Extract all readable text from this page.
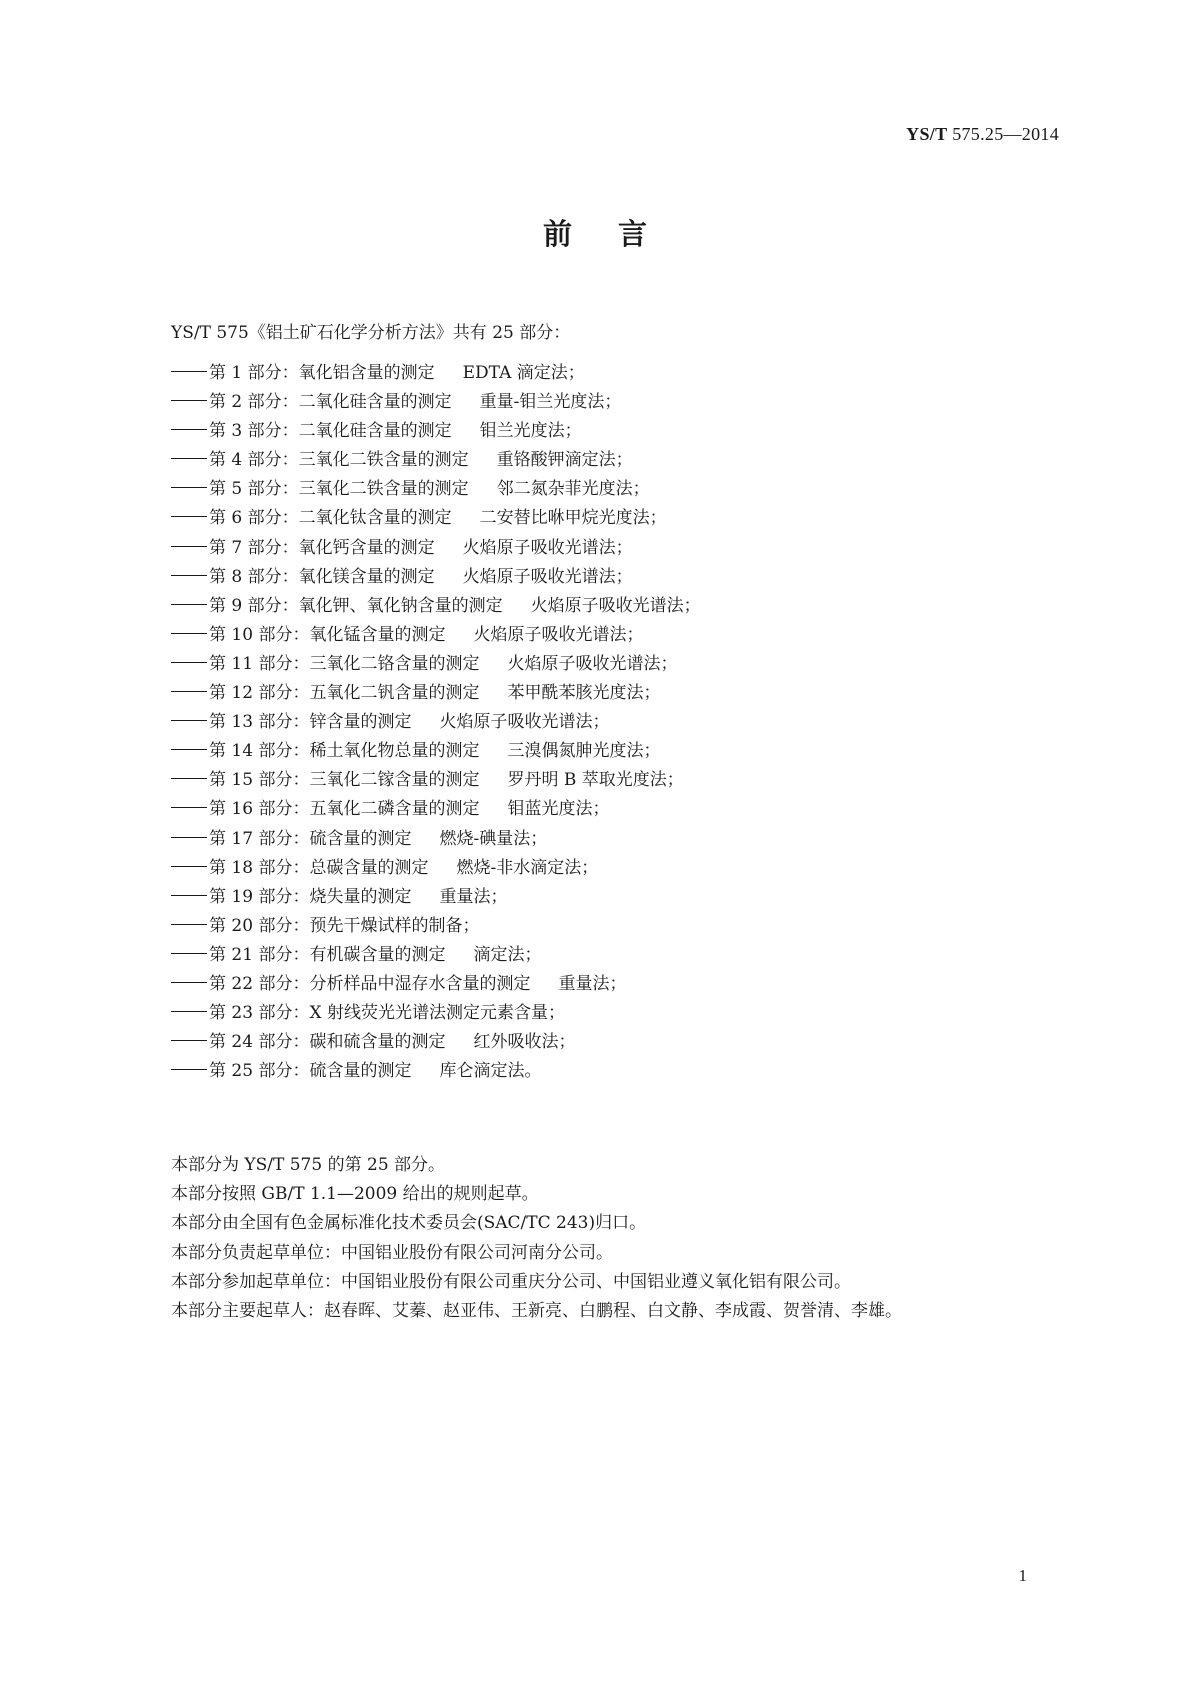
YS/T 575.25—2014
前 言
YS/T 575《铝土矿石化学分析方法》共有 25 部分：
第 1 部分：氧化铝含量的测定 EDTA 滴定法；
第 2 部分：二氧化硅含量的测定 重量-钼兰光度法；
第 3 部分：二氧化硅含量的测定 钼兰光度法；
第 4 部分：三氧化二铁含量的测定 重铬酸钾滴定法；
第 5 部分：三氧化二铁含量的测定 邻二氮杂菲光度法；
第 6 部分：二氧化钛含量的测定 二安替比咻甲烷光度法；
第 7 部分：氧化钙含量的测定 火焰原子吸收光谱法；
第 8 部分：氧化镁含量的测定 火焰原子吸收光谱法；
第 9 部分：氧化钾、氧化钠含量的测定 火焰原子吸收光谱法；
第 10 部分：氧化锰含量的测定 火焰原子吸收光谱法；
第 11 部分：三氧化二铬含量的测定 火焰原子吸收光谱法；
第 12 部分：五氧化二钒含量的测定 苯甲酰苯胲光度法；
第 13 部分：锌含量的测定 火焰原子吸收光谱法；
第 14 部分：稀土氧化物总量的测定 三溴偶氮胂光度法；
第 15 部分：三氧化二镓含量的测定 罗丹明 B 萃取光度法；
第 16 部分：五氧化二磷含量的测定 钼蓝光度法；
第 17 部分：硫含量的测定 燃烧-碘量法；
第 18 部分：总碳含量的测定 燃烧-非水滴定法；
第 19 部分：烧失量的测定 重量法；
第 20 部分：预先干燥试样的制备；
第 21 部分：有机碳含量的测定 滴定法；
第 22 部分：分析样品中湿存水含量的测定 重量法；
第 23 部分：X 射线荧光光谱法测定元素含量；
第 24 部分：碳和硫含量的测定 红外吸收法；
第 25 部分：硫含量的测定 库仑滴定法。

本部分为 YS/T 575 的第 25 部分。

本部分按照 GB/T 1.1—2009 给出的规则起草。

本部分由全国有色金属标准化技术委员会(SAC/TC 243)归口。

本部分负责起草单位：中国铝业股份有限公司河南分公司。

本部分参加起草单位：中国铝业股份有限公司重庆分公司、中国铝业遵义氧化铝有限公司。

本部分主要起草人：赵春晖、艾蓁、赵亚伟、王新亮、白鹏程、白文静、李成霞、贺誉清、李雄。

1
